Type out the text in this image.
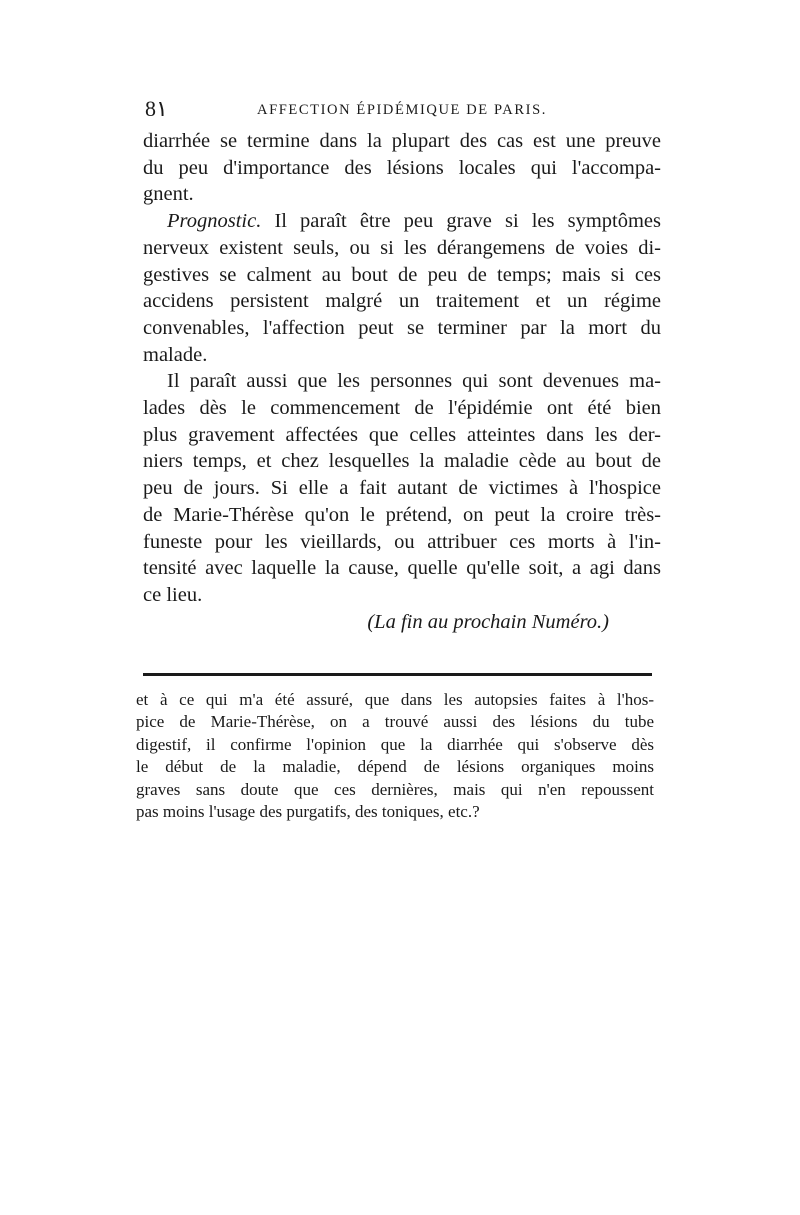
8١	AFFECTION ÉPIDÉMIQUE DE PARIS.
diarrhée se termine dans la plupart des cas est une preuve
du peu d'importance des lésions locales qui l'accompa-
gnent.
Prognostic. Il paraît être peu grave si les symptômes
nerveux existent seuls, ou si les dérangemens de voies di-
gestives se calment au bout de peu de temps; mais si ces
accidens persistent malgré un traitement et un régime
convenables, l'affection peut se terminer par la mort du
malade.
Il paraît aussi que les personnes qui sont devenues ma-
lades dès le commencement de l'épidémie ont été bien
plus gravement affectées que celles atteintes dans les der-
niers temps, et chez lesquelles la maladie cède au bout de
peu de jours. Si elle a fait autant de victimes à l'hospice
de Marie-Thérèse qu'on le prétend, on peut la croire très-
funeste pour les vieillards, ou attribuer ces morts à l'in-
tensité avec laquelle la cause, quelle qu'elle soit, a agi dans
ce lieu.
(La fin au prochain Numéro.)
et à ce qui m'a été assuré, que dans les autopsies faites à l'hos-
pice de Marie-Thérèse, on a trouvé aussi des lésions du tube
digestif, il confirme l'opinion que la diarrhée qui s'observe dès
le début de la maladie, dépend de lésions organiques moins
graves sans doute que ces dernières, mais qui n'en repoussent
pas moins l'usage des purgatifs, des toniques, etc.?
